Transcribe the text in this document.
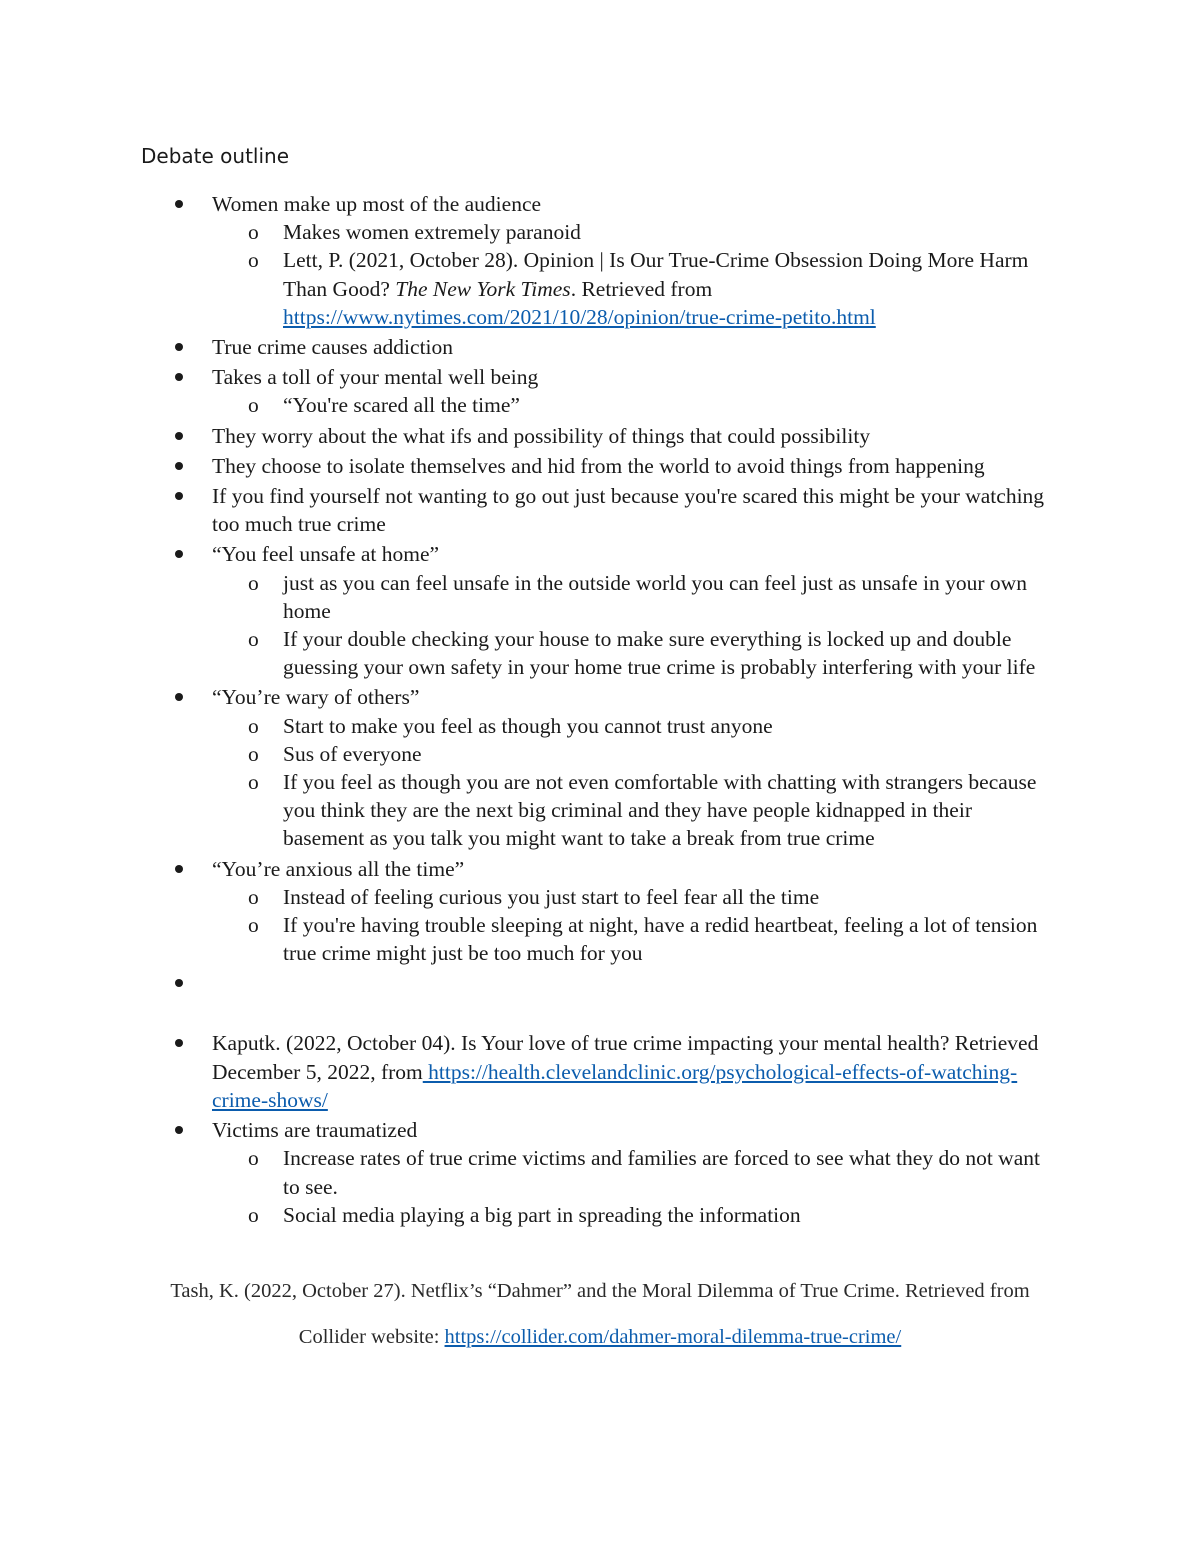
Debate outline
Women make up most of the audience
o Makes women extremely paranoid
o Lett, P. (2021, October 28). Opinion | Is Our True-Crime Obsession Doing More Harm Than Good? The New York Times. Retrieved from https://www.nytimes.com/2021/10/28/opinion/true-crime-petito.html
True crime causes addiction
Takes a toll of your mental well being
o “You're scared all the time”
They worry about the what ifs and possibility of things that could possibility
They choose to isolate themselves and hid from the world to avoid things from happening
If you find yourself not wanting to go out just because you're scared this might be your watching too much true crime
“You feel unsafe at home”
o just as you can feel unsafe in the outside world you can feel just as unsafe in your own home
o If your double checking your house to make sure everything is locked up and double guessing your own safety in your home true crime is probably interfering with your life
“You’re wary of others”
o Start to make you feel as though you cannot trust anyone
o Sus of everyone
o If you feel as though you are not even comfortable with chatting with strangers because you think they are the next big criminal and they have people kidnapped in their basement as you talk you might want to take a break from true crime
“You’re anxious all the time”
o Instead of feeling curious you just start to feel fear all the time
o If you're having trouble sleeping at night, have a redid heartbeat, feeling a lot of tension true crime might just be too much for you
Kaputk. (2022, October 04). Is Your love of true crime impacting your mental health? Retrieved December 5, 2022, from https://health.clevelandclinic.org/psychological-effects-of-watching-crime-shows/
Victims are traumatized
o Increase rates of true crime victims and families are forced to see what they do not want to see.
o Social media playing a big part in spreading the information
Tash, K. (2022, October 27). Netflix’s “Dahmer” and the Moral Dilemma of True Crime. Retrieved from
Collider website: https://collider.com/dahmer-moral-dilemma-true-crime/
